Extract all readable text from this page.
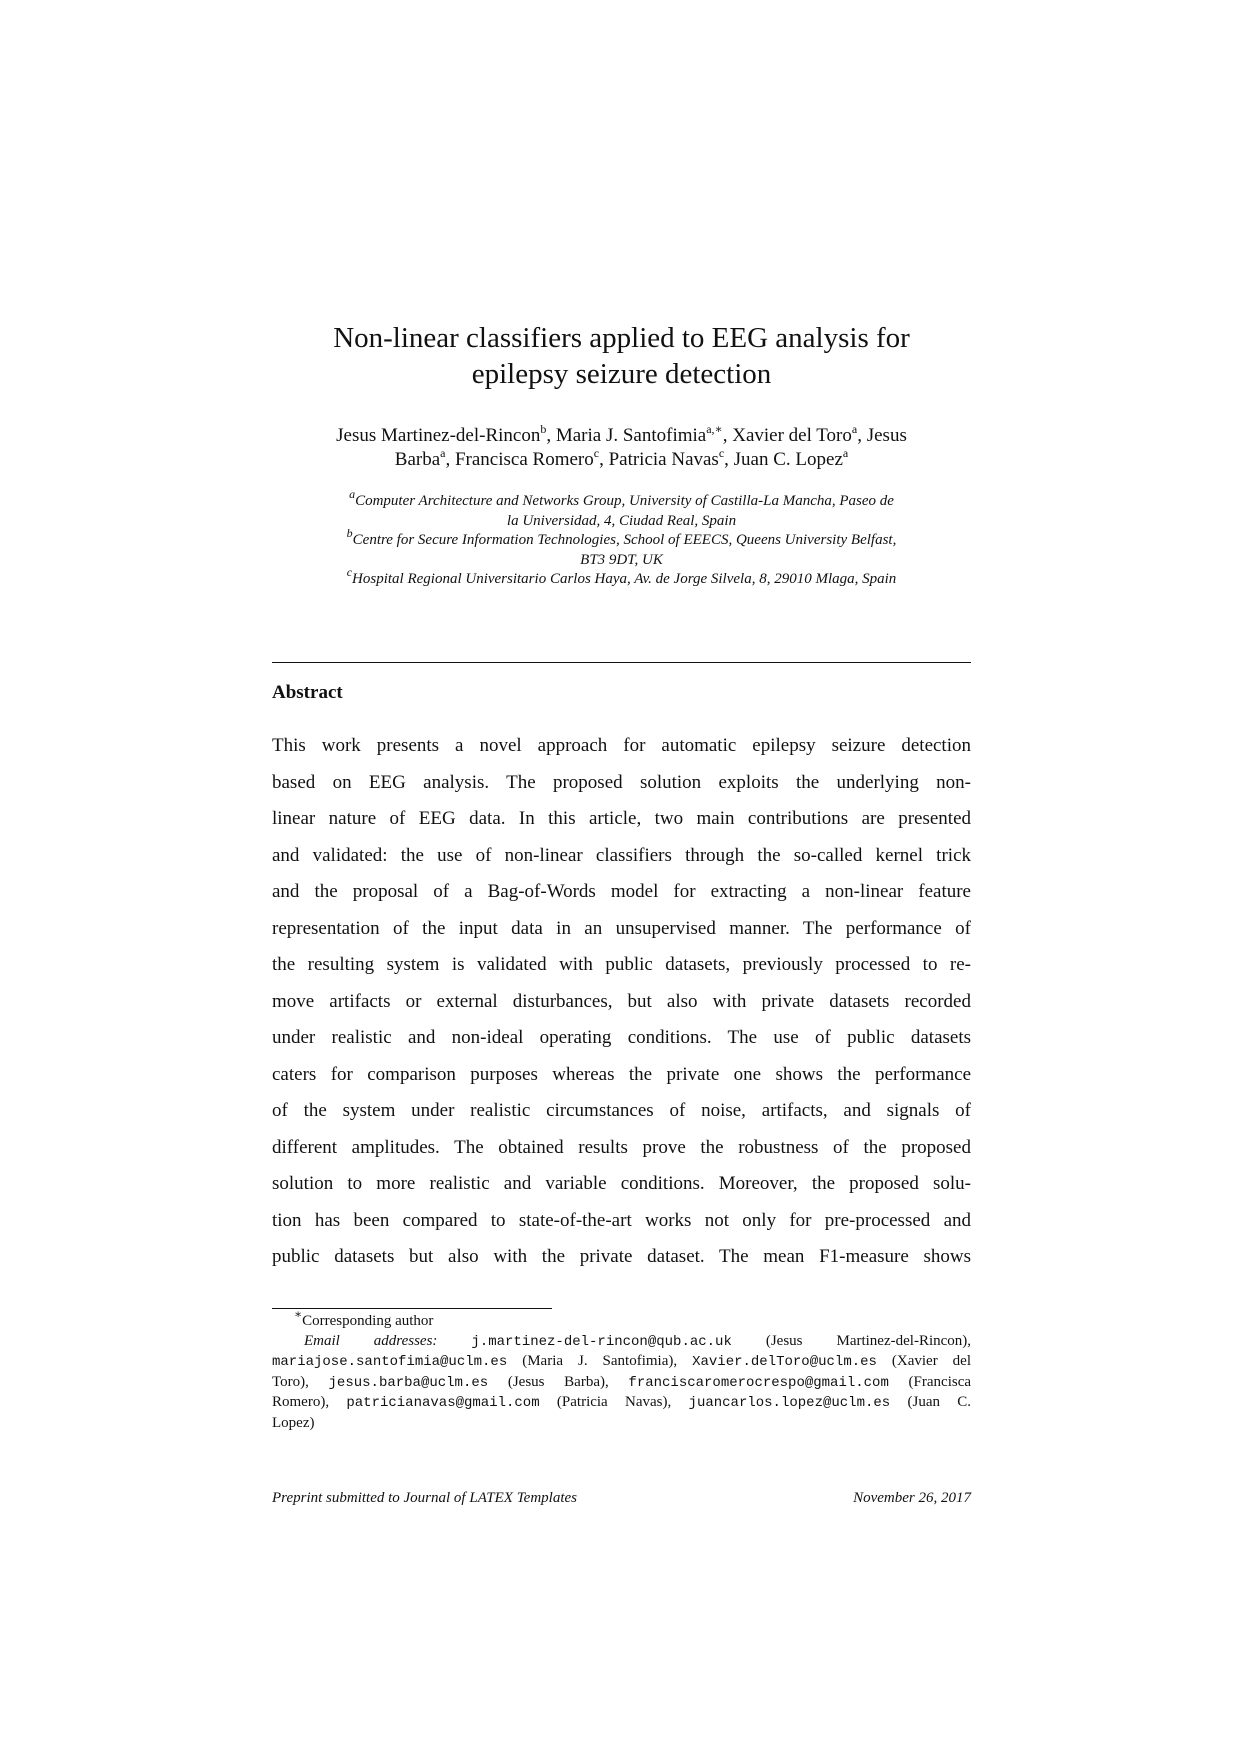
Non-linear classifiers applied to EEG analysis for
epilepsy seizure detection
Jesus Martinez-del-Rincon$^b$, Maria J. Santofimia$^{a,∗}$, Xavier del Toro$^a$, Jesus
Barba$^a$, Francisca Romero$^c$, Patricia Navas$^c$, Juan C. Lopez$^a$
$^a$Computer Architecture and Networks Group, University of Castilla-La Mancha, Paseo de
la Universidad, 4, Ciudad Real, Spain
$^b$Centre for Secure Information Technologies, School of EEECS, Queens University Belfast,
BT3 9DT, UK
$^c$Hospital Regional Universitario Carlos Haya, Av. de Jorge Silvela, 8, 29010 Mlaga, Spain
Abstract
This work presents a novel approach for automatic epilepsy seizure detection
based on EEG analysis. The proposed solution exploits the underlying non-
linear nature of EEG data. In this article, two main contributions are presented
and validated: the use of non-linear classifiers through the so-called kernel trick
and the proposal of a Bag-of-Words model for extracting a non-linear feature
representation of the input data in an unsupervised manner. The performance of
the resulting system is validated with public datasets, previously processed to re-
move artifacts or external disturbances, but also with private datasets recorded
under realistic and non-ideal operating conditions. The use of public datasets
caters for comparison purposes whereas the private one shows the performance
of the system under realistic circumstances of noise, artifacts, and signals of
different amplitudes. The obtained results prove the robustness of the proposed
solution to more realistic and variable conditions. Moreover, the proposed solu-
tion has been compared to state-of-the-art works not only for pre-processed and
public datasets but also with the private dataset. The mean F1-measure shows
∗Corresponding author
Email addresses: j.martinez-del-rincon@qub.ac.uk (Jesus Martinez-del-Rincon),
mariajose.santofimia@uclm.es (Maria J. Santofimia), Xavier.delToro@uclm.es (Xavier del
Toro), jesus.barba@uclm.es (Jesus Barba), franciscaromerocrespo@gmail.com (Francisca
Romero), patricianavas@gmail.com (Patricia Navas), juancarlos.lopez@uclm.es (Juan C.
Lopez)
Preprint submitted to Journal of LATEX Templates	November 26, 2017
